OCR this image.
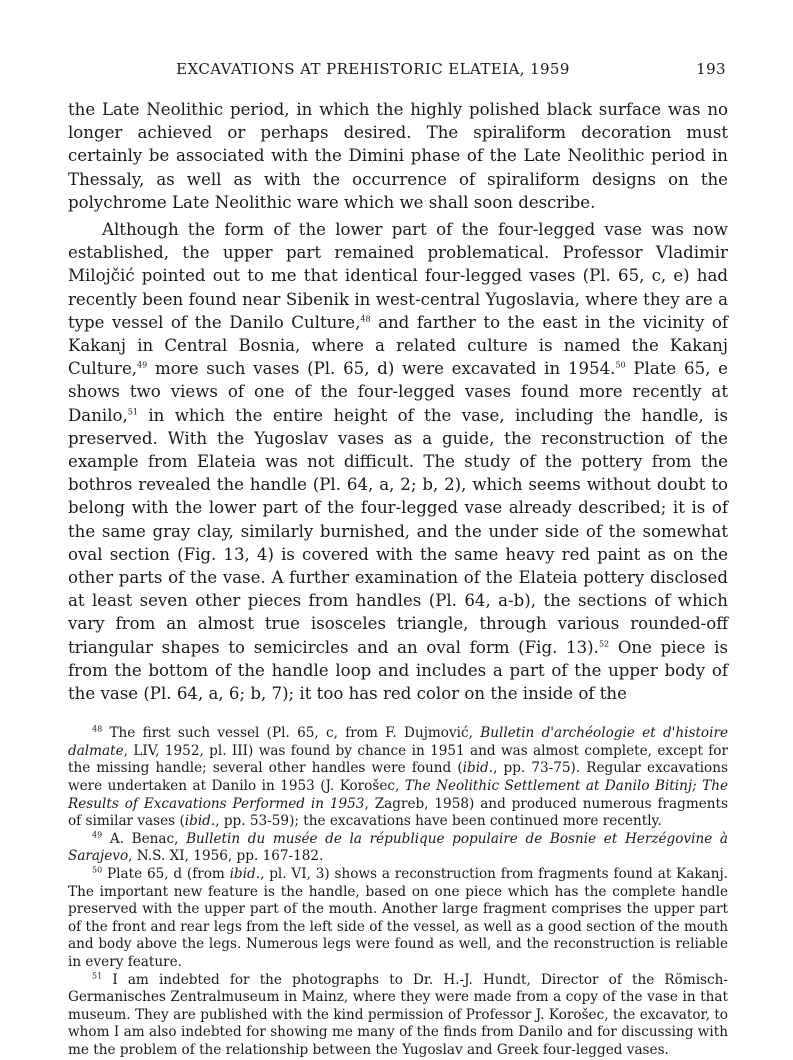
EXCAVATIONS AT PREHISTORIC ELATEIA, 1959	193

the Late Neolithic period, in which the highly polished black surface was no longer achieved or perhaps desired. The spiraliform decoration must certainly be associated with the Dimini phase of the Late Neolithic period in Thessaly, as well as with the occurrence of spiraliform designs on the polychrome Late Neolithic ware which we shall soon describe.

Although the form of the lower part of the four-legged vase was now established, the upper part remained problematical. Professor Vladimir Milojčić pointed out to me that identical four-legged vases (Pl. 65, c, e) had recently been found near Sibenik in west-central Yugoslavia, where they are a type vessel of the Danilo Culture,$^{48}$ and farther to the east in the vicinity of Kakanj in Central Bosnia, where a related culture is named the Kakanj Culture,$^{49}$ more such vases (Pl. 65, d) were excavated in 1954.50 Plate 65, e shows two views of one of the four-legged vases found more recently at Danilo,$^{51}$ in which the entire height of the vase, including the handle, is preserved. With the Yugoslav vases as a guide, the reconstruction of the example from Elateia was not difficult. The study of the pottery from the bothros revealed the handle (Pl. 64, a, 2; b, 2), which seems without doubt to belong with the lower part of the four-legged vase already described; it is of the same gray clay, similarly burnished, and the under side of the somewhat oval section (Fig. 13, 4) is covered with the same heavy red paint as on the other parts of the vase. A further examination of the Elateia pottery disclosed at least seven other pieces from handles (Pl. 64, a-b), the sections of which vary from an almost true isosceles triangle, through various rounded-off triangular shapes to semicircles and an oval form (Fig. 13).$^{52}$ One piece is from the bottom of the handle loop and includes a part of the upper body of the vase (Pl. 64, a, 6; b, 7); it too has red color on the inside of the

$^{48}$ The first such vessel (Pl. 65, c, from F. Dujmović, Bulletin d'archéologie et d'histoire dalmate, LIV, 1952, pl. III) was found by chance in 1951 and was almost complete, except for the missing handle; several other handles were found (ibid., pp. 73-75). Regular excavations were undertaken at Danilo in 1953 (J. Korošec, The Neolithic Settlement at Danilo Bitinj; The Results of Excavations Performed in 1953, Zagreb, 1958) and produced numerous fragments of similar vases (ibid., pp. 53-59); the excavations have been continued more recently.

$^{49}$ A. Benac, Bulletin du musée de la république populaire de Bosnie et Herzégovine à Sarajevo, N.S. XI, 1956, pp. 167-182.

$^{50}$ Plate 65, d (from ibid., pl. VI, 3) shows a reconstruction from fragments found at Kakanj. The important new feature is the handle, based on one piece which has the complete handle preserved with the upper part of the mouth. Another large fragment comprises the upper part of the front and rear legs from the left side of the vessel, as well as a good section of the mouth and body above the legs. Numerous legs were found as well, and the reconstruction is reliable in every feature.

$^{51}$ I am indebted for the photographs to Dr. H.-J. Hundt, Director of the Römisch-Germanisches Zentralmuseum in Mainz, where they were made from a copy of the vase in that museum. They are published with the kind permission of Professor J. Korošec, the excavator, to whom I am also indebted for showing me many of the finds from Danilo and for discussing with me the problem of the relationship between the Yugoslav and Greek four-legged vases.
